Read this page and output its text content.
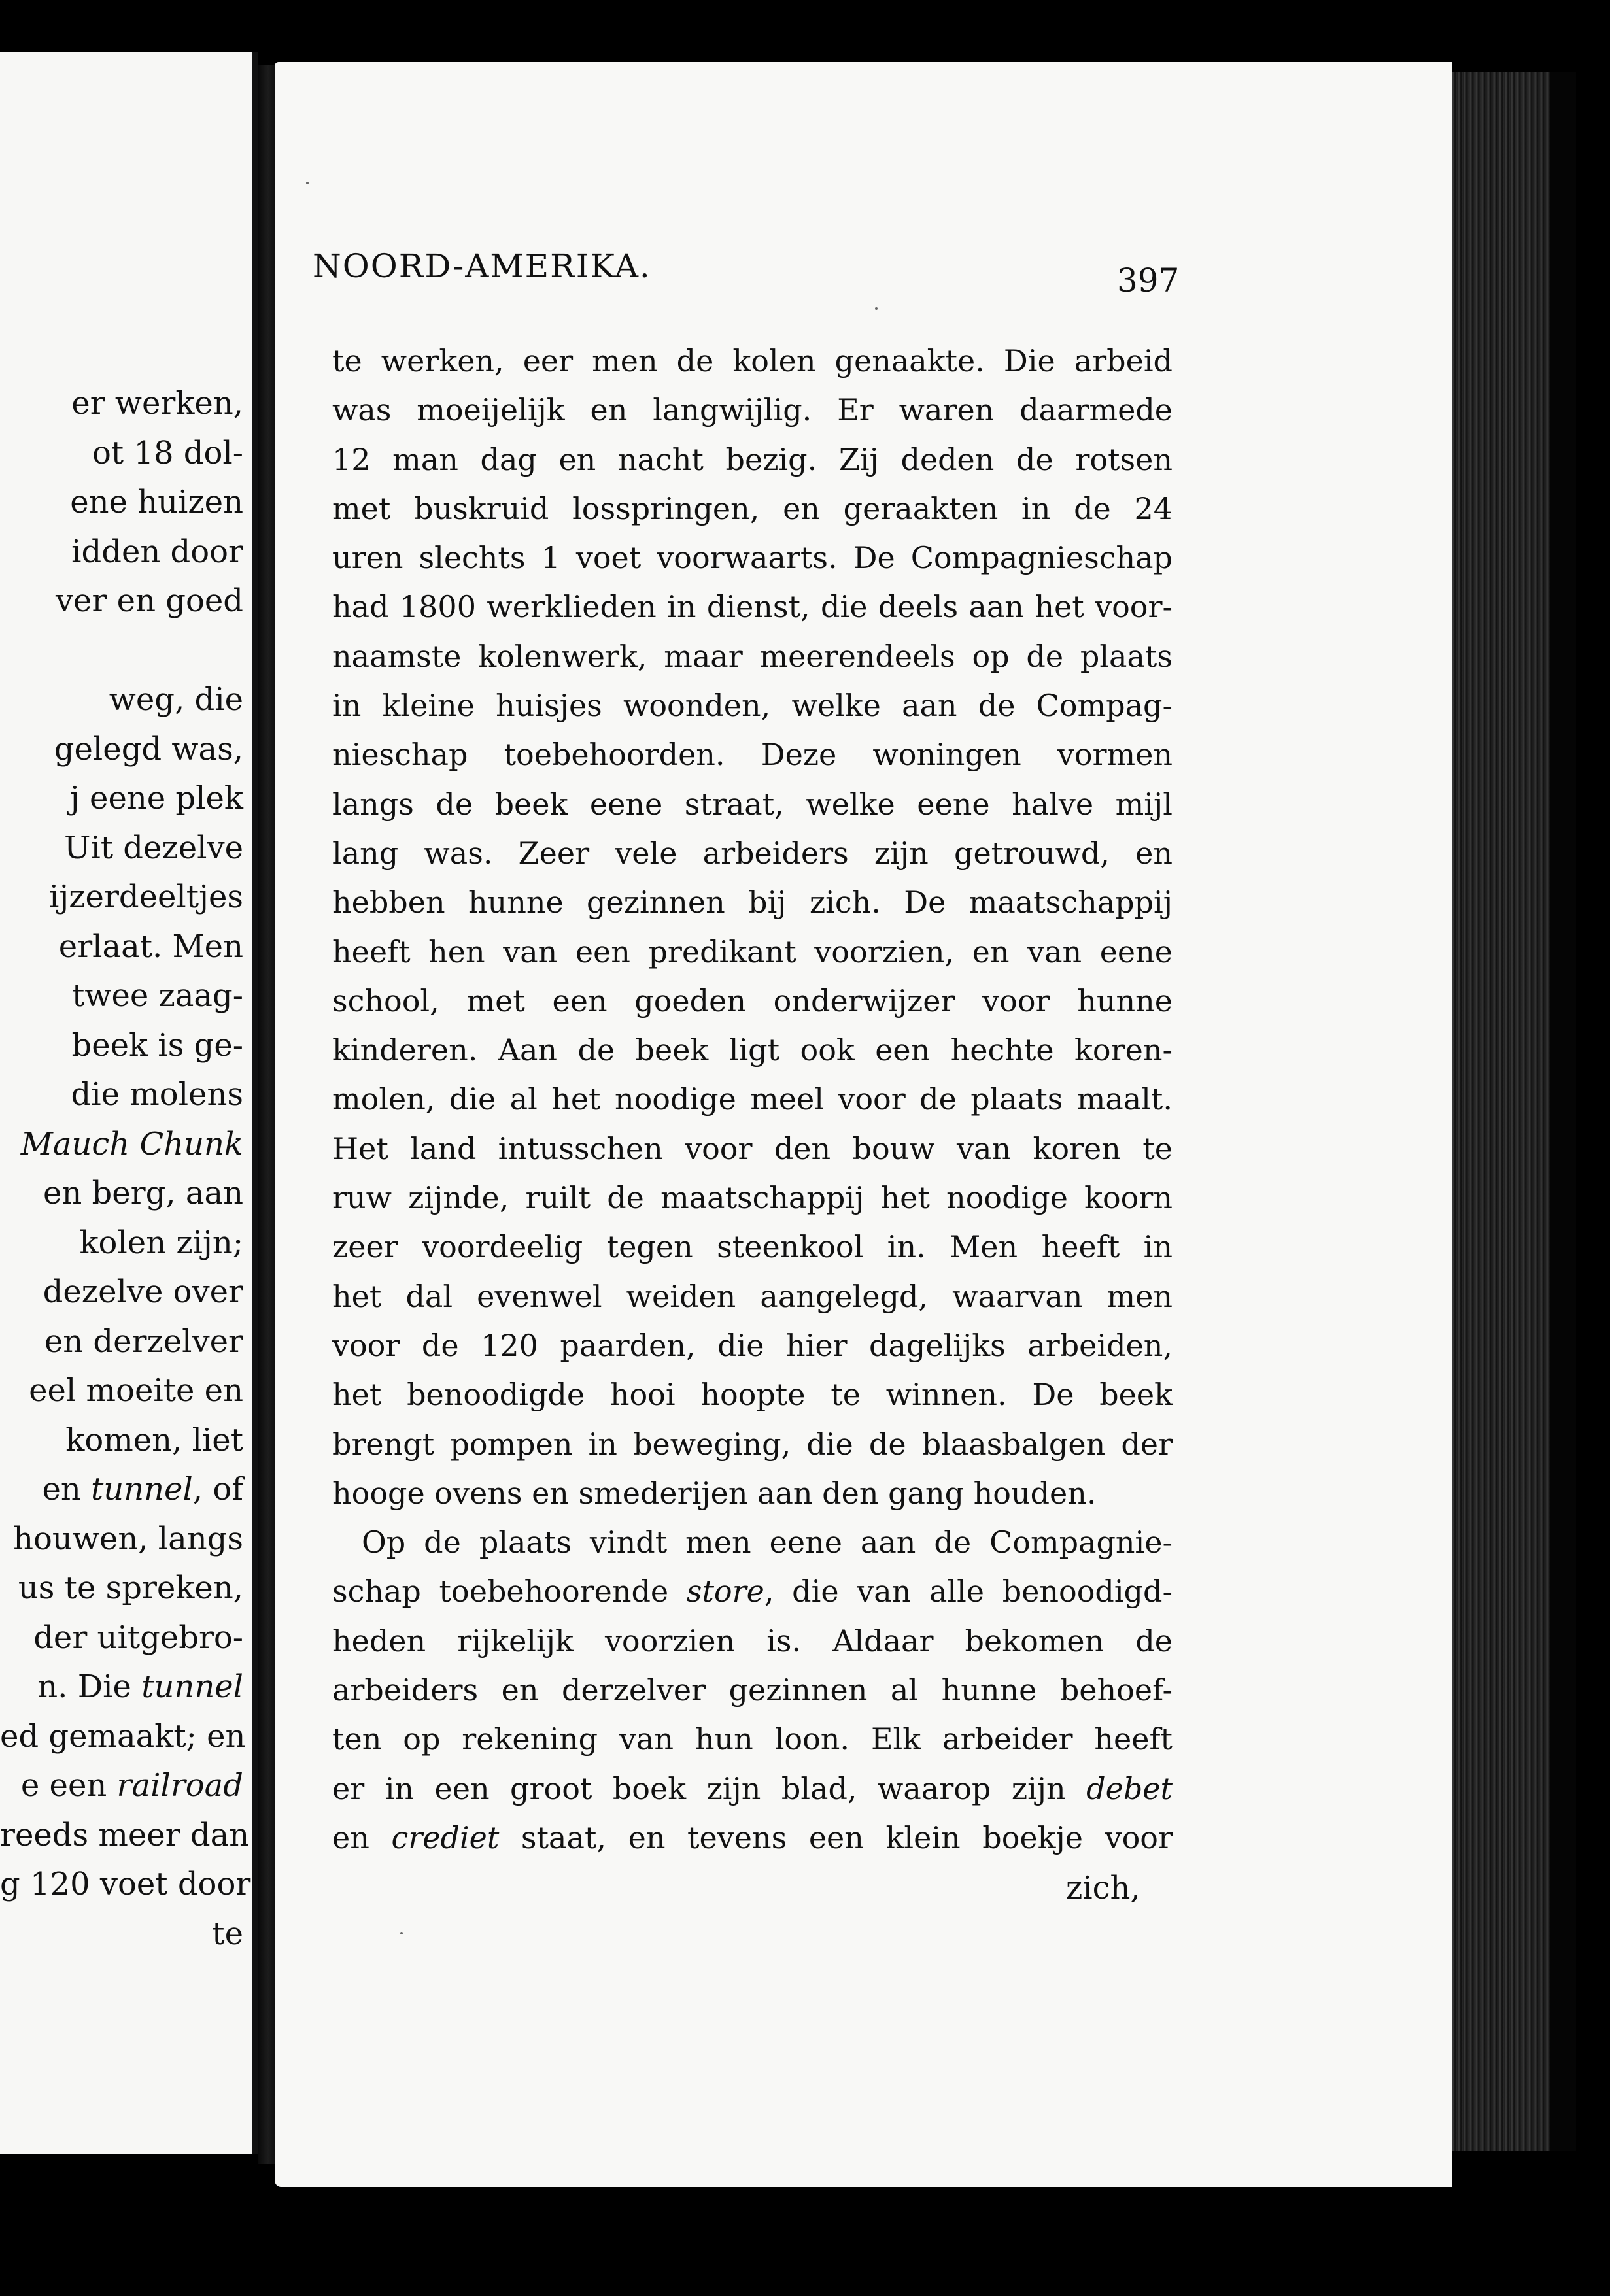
er werken,
ot 18 dol-
ene huizen
idden door
ver en goed
weg, die
gelegd was,
j eene plek
Uit dezelve
ijzerdeeltjes
erlaat. Men
twee zaag-
beek is ge-
die molens
Mauch Chunk
en berg, aan
kolen zijn;
dezelve over
en derzelver
eel moeite en
komen, liet
en tunnel, of
houwen, langs
us te spreken,
der uitgebro-
n. Die tunnel
ed gemaakt; en
e een railroad
reeds meer dan
g 120 voet door
te
NOORD-AMERIKA.	397
te werken, eer men de kolen genaakte. Die arbeid
was moeijelijk en langwijlig. Er waren daarmede
12 man dag en nacht bezig. Zij deden de rotsen
met buskruid losspringen, en geraakten in de 24
uren slechts 1 voet voorwaarts. De Compagnieschap
had 1800 werklieden in dienst, die deels aan het voor-
naamste kolenwerk, maar meerendeels op de plaats
in kleine huisjes woonden, welke aan de Compag-
nieschap toebehoorden. Deze woningen vormen
langs de beek eene straat, welke eene halve mijl
lang was. Zeer vele arbeiders zijn getrouwd, en
hebben hunne gezinnen bij zich. De maatschappij
heeft hen van een predikant voorzien, en van eene
school, met een goeden onderwijzer voor hunne
kinderen. Aan de beek ligt ook een hechte koren-
molen, die al het noodige meel voor de plaats maalt.
Het land intusschen voor den bouw van koren te
ruw zijnde, ruilt de maatschappij het noodige koorn
zeer voordeelig tegen steenkool in. Men heeft in
het dal evenwel weiden aangelegd, waarvan men
voor de 120 paarden, die hier dagelijks arbeiden,
het benoodigde hooi hoopte te winnen. De beek
brengt pompen in beweging, die de blaasbalgen der
hooge ovens en smederijen aan den gang houden.
Op de plaats vindt men eene aan de Compagnie-
schap toebehoorende store, die van alle benoodigd-
heden rijkelijk voorzien is. Aldaar bekomen de
arbeiders en derzelver gezinnen al hunne behoef-
ten op rekening van hun loon. Elk arbeider heeft
er in een groot boek zijn blad, waarop zijn debet
en crediet staat, en tevens een klein boekje voor
zich,
